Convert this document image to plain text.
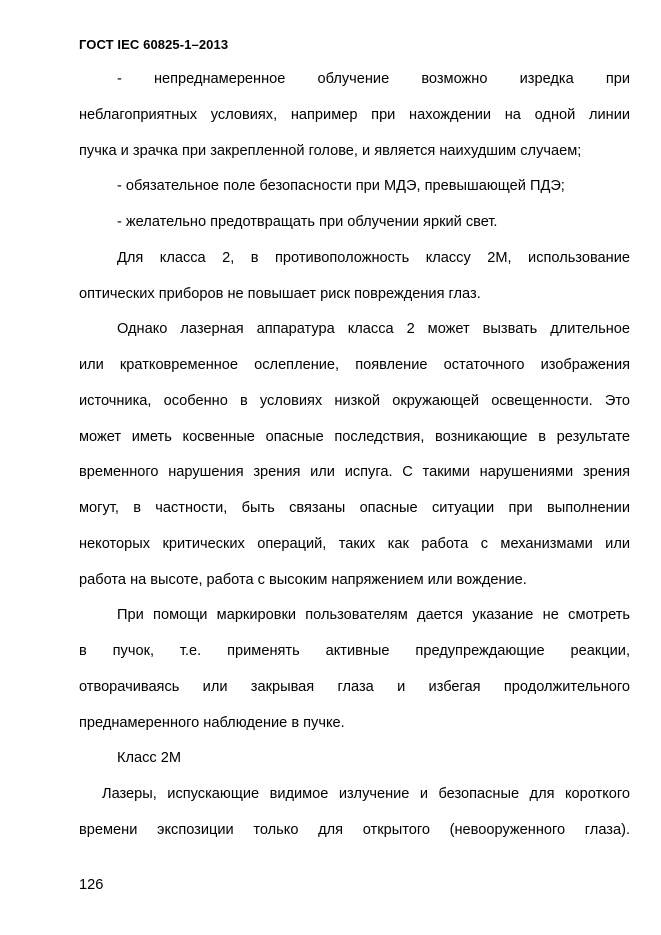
ГОСТ IEC 60825-1–2013
- непреднамеренное облучение возможно изредка при
неблагоприятных условиях, например при нахождении на одной линии
пучка и зрачка при закрепленной голове, и является наихудшим случаем;
- обязательное поле безопасности при МДЭ, превышающей ПДЭ;
- желательно предотвращать при облучении яркий свет.
Для класса 2, в противоположность классу 2М, использование
оптических приборов не повышает риск повреждения глаз.
Однако лазерная аппаратура класса 2 может вызвать длительное
или кратковременное ослепление, появление остаточного изображения
источника, особенно в условиях низкой окружающей освещенности. Это
может иметь косвенные опасные последствия, возникающие в результате
временного нарушения зрения или испуга. С такими нарушениями зрения
могут, в частности, быть связаны опасные ситуации при выполнении
некоторых критических операций, таких как работа с механизмами или
работа на высоте, работа с высоким напряжением или вождение.
При помощи маркировки пользователям дается указание не смотреть
в пучок, т.е. применять активные предупреждающие реакции,
отворачиваясь или закрывая глаза и избегая продолжительного
преднамеренного наблюдение в пучке.
Класс 2М
Лазеры, испускающие видимое излучение и безопасные для короткого
времени экспозиции только для открытого (невооруженного глаза).
126
